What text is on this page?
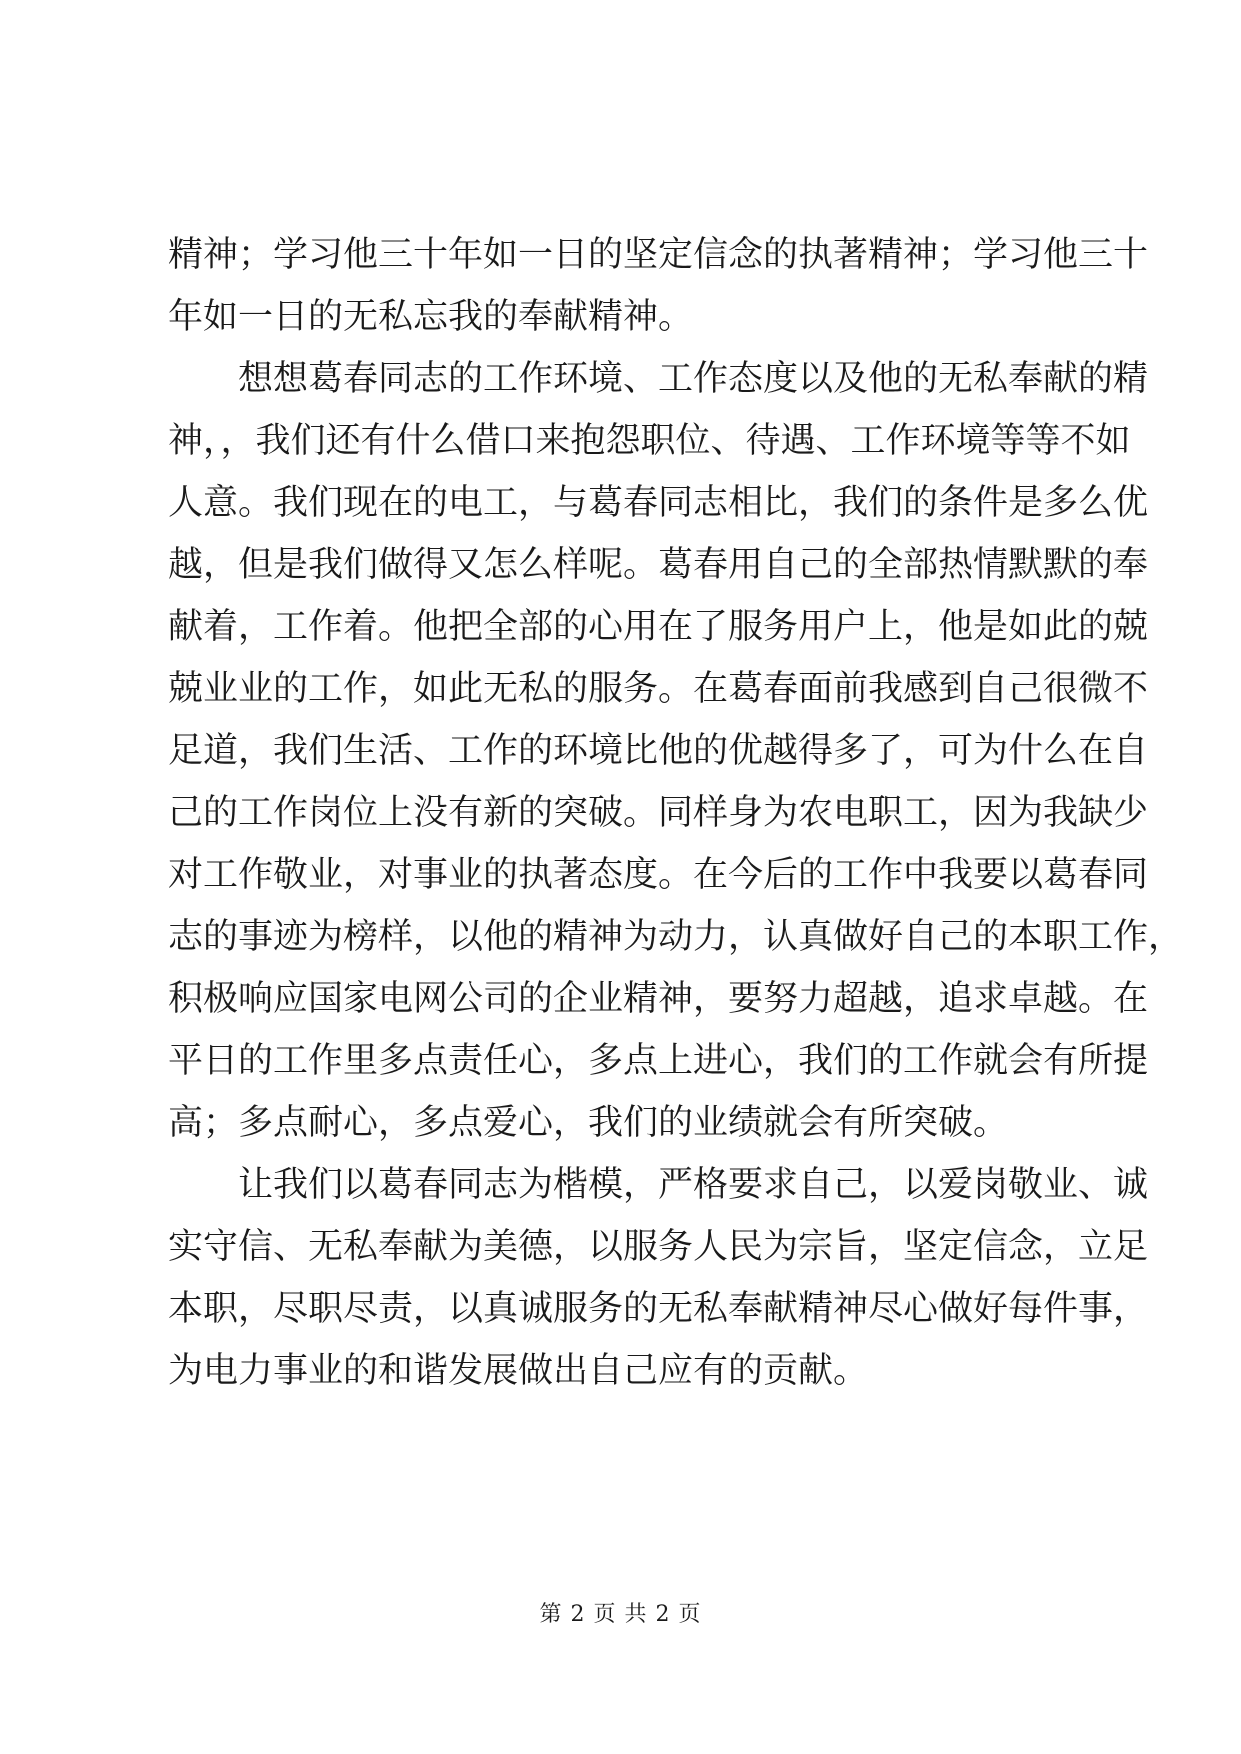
精神；学习他三十年如一日的坚定信念的执著精神；学习他三十
年如一日的无私忘我的奉献精神。
想想葛春同志的工作环境、工作态度以及他的无私奉献的精
神，，我们还有什么借口来抱怨职位、待遇、工作环境等等不如
人意。我们现在的电工，与葛春同志相比，我们的条件是多么优
越，但是我们做得又怎么样呢。葛春用自己的全部热情默默的奉
献着，工作着。他把全部的心用在了服务用户上，他是如此的兢
兢业业的工作，如此无私的服务。在葛春面前我感到自己很微不
足道，我们生活、工作的环境比他的优越得多了，可为什么在自
己的工作岗位上没有新的突破。同样身为农电职工，因为我缺少
对工作敬业，对事业的执著态度。在今后的工作中我要以葛春同
志的事迹为榜样，以他的精神为动力，认真做好自己的本职工作，
积极响应国家电网公司的企业精神，要努力超越，追求卓越。在
平日的工作里多点责任心，多点上进心，我们的工作就会有所提
高；多点耐心，多点爱心，我们的业绩就会有所突破。
让我们以葛春同志为楷模，严格要求自己，以爱岗敬业、诚
实守信、无私奉献为美德，以服务人民为宗旨，坚定信念，立足
本职，尽职尽责，以真诚服务的无私奉献精神尽心做好每件事，
为电力事业的和谐发展做出自己应有的贡献。
第 2 页 共 2 页
